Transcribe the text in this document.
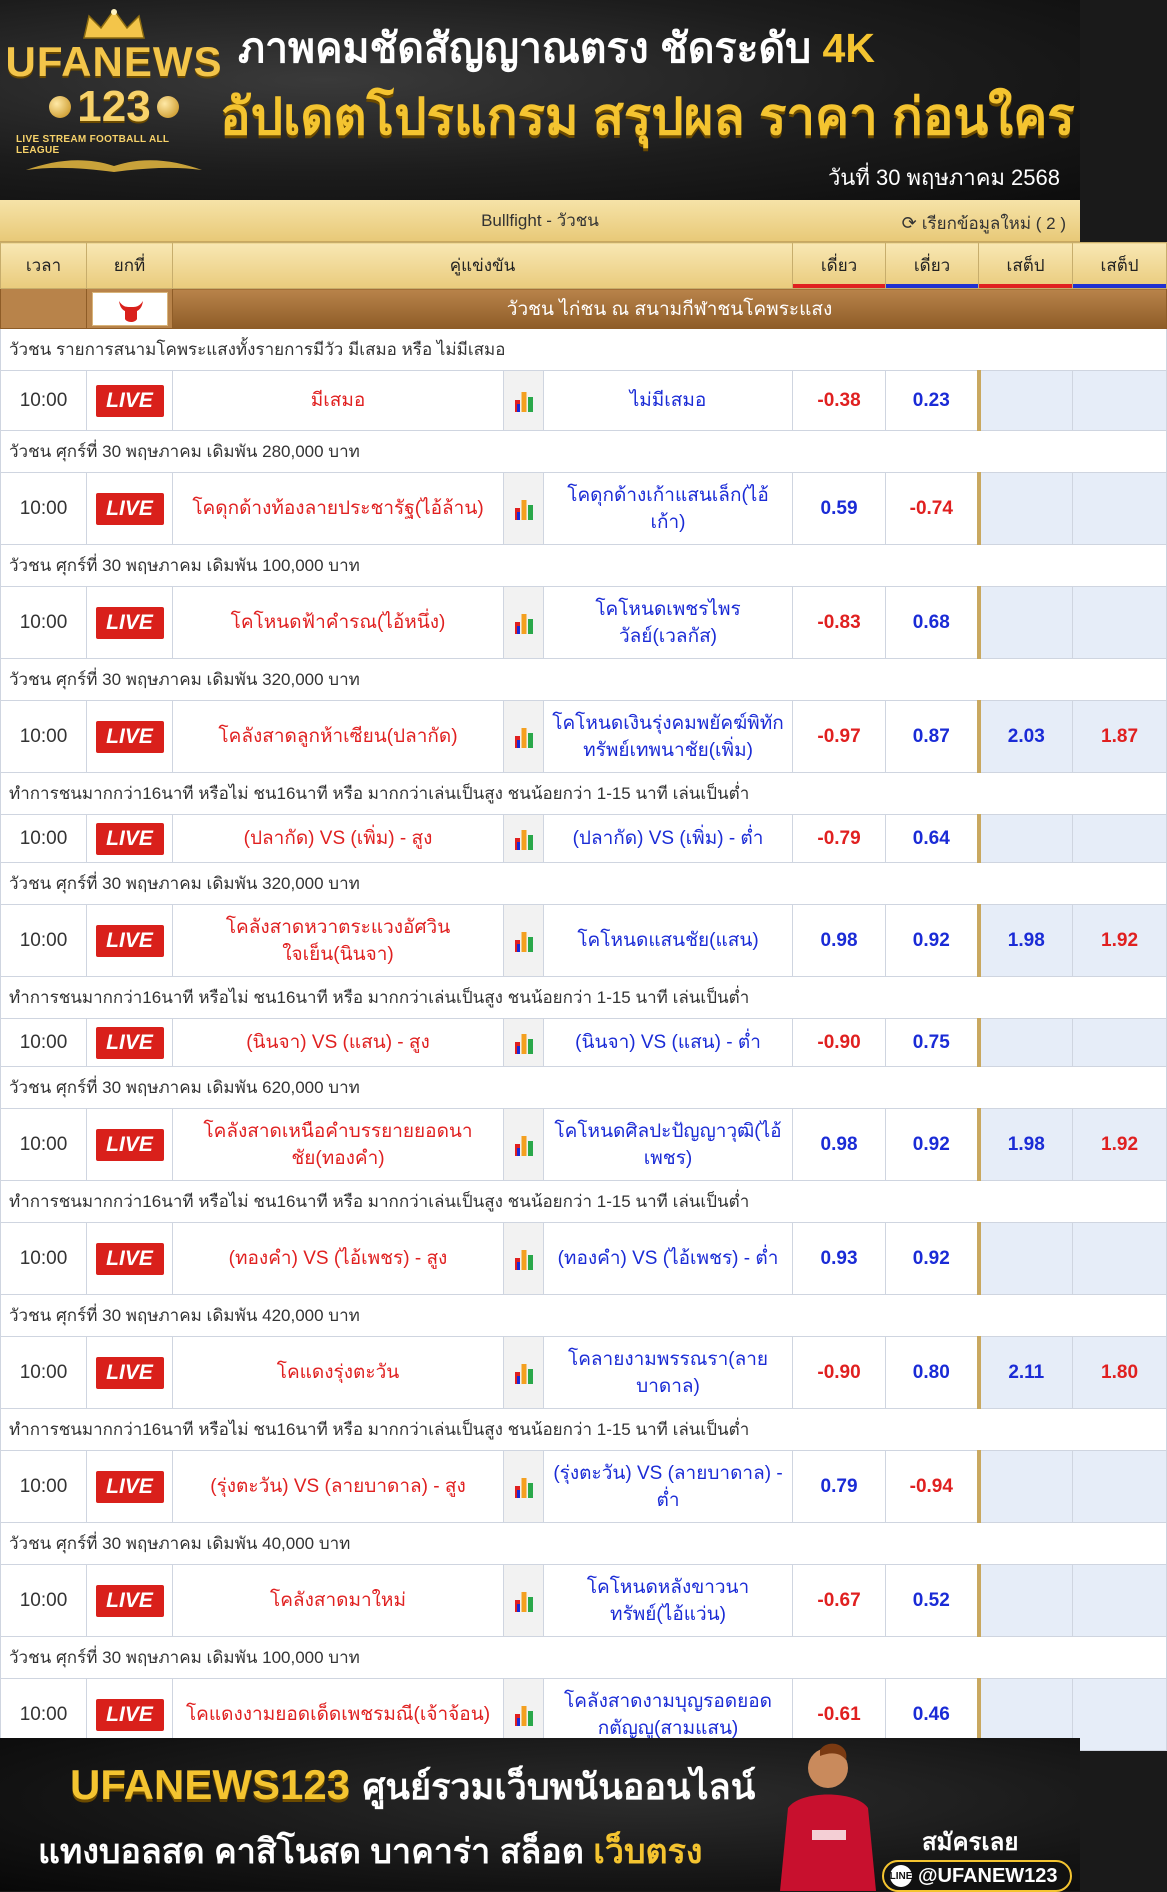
UFANEWS
123
LIVE STREAM FOOTBALL ALL LEAGUE
ภาพคมชัดสัญญาณตรง ชัดระดับ 4K
อัปเดตโปรแกรม สรุปผล ราคา ก่อนใคร
วันที่ 30 พฤษภาคม 2568
Bullfight - วัวชน	⟳ เรียกข้อมูลใหม่ ( 2 )
เวลา	ยกที่	คู่แข่งขัน			เดี่ยว	เดี่ยว	เสต็ป	เสต็ป
		วัวชน ไก่ชน ณ สนามกีฬาชนโคพระแสง						
วัวชน รายการสนามโคพระแสงทั้งรายการมีวัว มีเสมอ หรือ ไม่มีเสมอ								
10:00	LIVE	มีเสมอ		ไม่มีเสมอ	-0.38	0.23		
วัวชน ศุกร์ที่ 30 พฤษภาคม เดิมพัน 280,000 บาท								
10:00	LIVE	โคดุกด้างท้องลายประชารัฐ(ไอ้ล้าน)		โคดุกด้างเก้าแสนเล็ก(ไอ้เก้า)	0.59	-0.74		
วัวชน ศุกร์ที่ 30 พฤษภาคม เดิมพัน 100,000 บาท								
10:00	LIVE	โคโหนดฟ้าคำรณ(ไอ้หนึ่ง)		โคโหนดเพชรไพรวัลย์(เวลกัส)	-0.83	0.68		
วัวชน ศุกร์ที่ 30 พฤษภาคม เดิมพัน 320,000 บาท								
10:00	LIVE	โคลังสาดลูกห้าเซียน(ปลากัด)		โคโหนดเงินรุ่งคมพยัคฆ์พิทักทรัพย์เทพนาชัย(เพิ่ม)	-0.97	0.87	2.03	1.87
ทำการชนมากกว่า16นาที หรือไม่ ชน16นาที หรือ มากกว่าเล่นเป็นสูง ชนน้อยกว่า 1-15 นาที เล่นเป็นต่ำ								
10:00	LIVE	(ปลากัด) VS (เพิ่ม) - สูง		(ปลากัด) VS (เพิ่ม) - ต่ำ	-0.79	0.64		
วัวชน ศุกร์ที่ 30 พฤษภาคม เดิมพัน 320,000 บาท								
10:00	LIVE	โคลังสาดหวาตระแวงอัศวินใจเย็น(นินจา)		โคโหนดแสนชัย(แสน)	0.98	0.92	1.98	1.92
ทำการชนมากกว่า16นาที หรือไม่ ชน16นาที หรือ มากกว่าเล่นเป็นสูง ชนน้อยกว่า 1-15 นาที เล่นเป็นต่ำ								
10:00	LIVE	(นินจา) VS (แสน) - สูง		(นินจา) VS (แสน) - ต่ำ	-0.90	0.75		
วัวชน ศุกร์ที่ 30 พฤษภาคม เดิมพัน 620,000 บาท								
10:00	LIVE	โคลังสาดเหนือคำบรรยายยอดนาชัย(ทองคำ)		โคโหนดศิลปะปัญญาวุฒิ(ไอ้เพชร)	0.98	0.92	1.98	1.92
ทำการชนมากกว่า16นาที หรือไม่ ชน16นาที หรือ มากกว่าเล่นเป็นสูง ชนน้อยกว่า 1-15 นาที เล่นเป็นต่ำ								
10:00	LIVE	(ทองคำ) VS (ไอ้เพชร) - สูง		(ทองคำ) VS (ไอ้เพชร) - ต่ำ	0.93	0.92		
วัวชน ศุกร์ที่ 30 พฤษภาคม เดิมพัน 420,000 บาท								
10:00	LIVE	โคแดงรุ่งตะวัน		โคลายงามพรรณรา(ลายบาดาล)	-0.90	0.80	2.11	1.80
ทำการชนมากกว่า16นาที หรือไม่ ชน16นาที หรือ มากกว่าเล่นเป็นสูง ชนน้อยกว่า 1-15 นาที เล่นเป็นต่ำ								
10:00	LIVE	(รุ่งตะวัน) VS (ลายบาดาล) - สูง		(รุ่งตะวัน) VS (ลายบาดาล) - ต่ำ	0.79	-0.94		
วัวชน ศุกร์ที่ 30 พฤษภาคม เดิมพัน 40,000 บาท								
10:00	LIVE	โคลังสาดมาใหม่		โคโหนดหลังขาวนาทรัพย์(ไอ้แว่น)	-0.67	0.52		
วัวชน ศุกร์ที่ 30 พฤษภาคม เดิมพัน 100,000 บาท								
10:00	LIVE	โคแดงงามยอดเด็ดเพชรมณี(เจ้าจ้อน)		โคลังสาดงามบุญรอดยอดกตัญญู(สามแสน)	-0.61	0.46		
UFANEWS123 ศูนย์รวมเว็บพนันออนไลน์
แทงบอลสด คาสิโนสด บาคาร่า สล็อต เว็บตรง	สมัครเลย
LINE @UFANEW123
